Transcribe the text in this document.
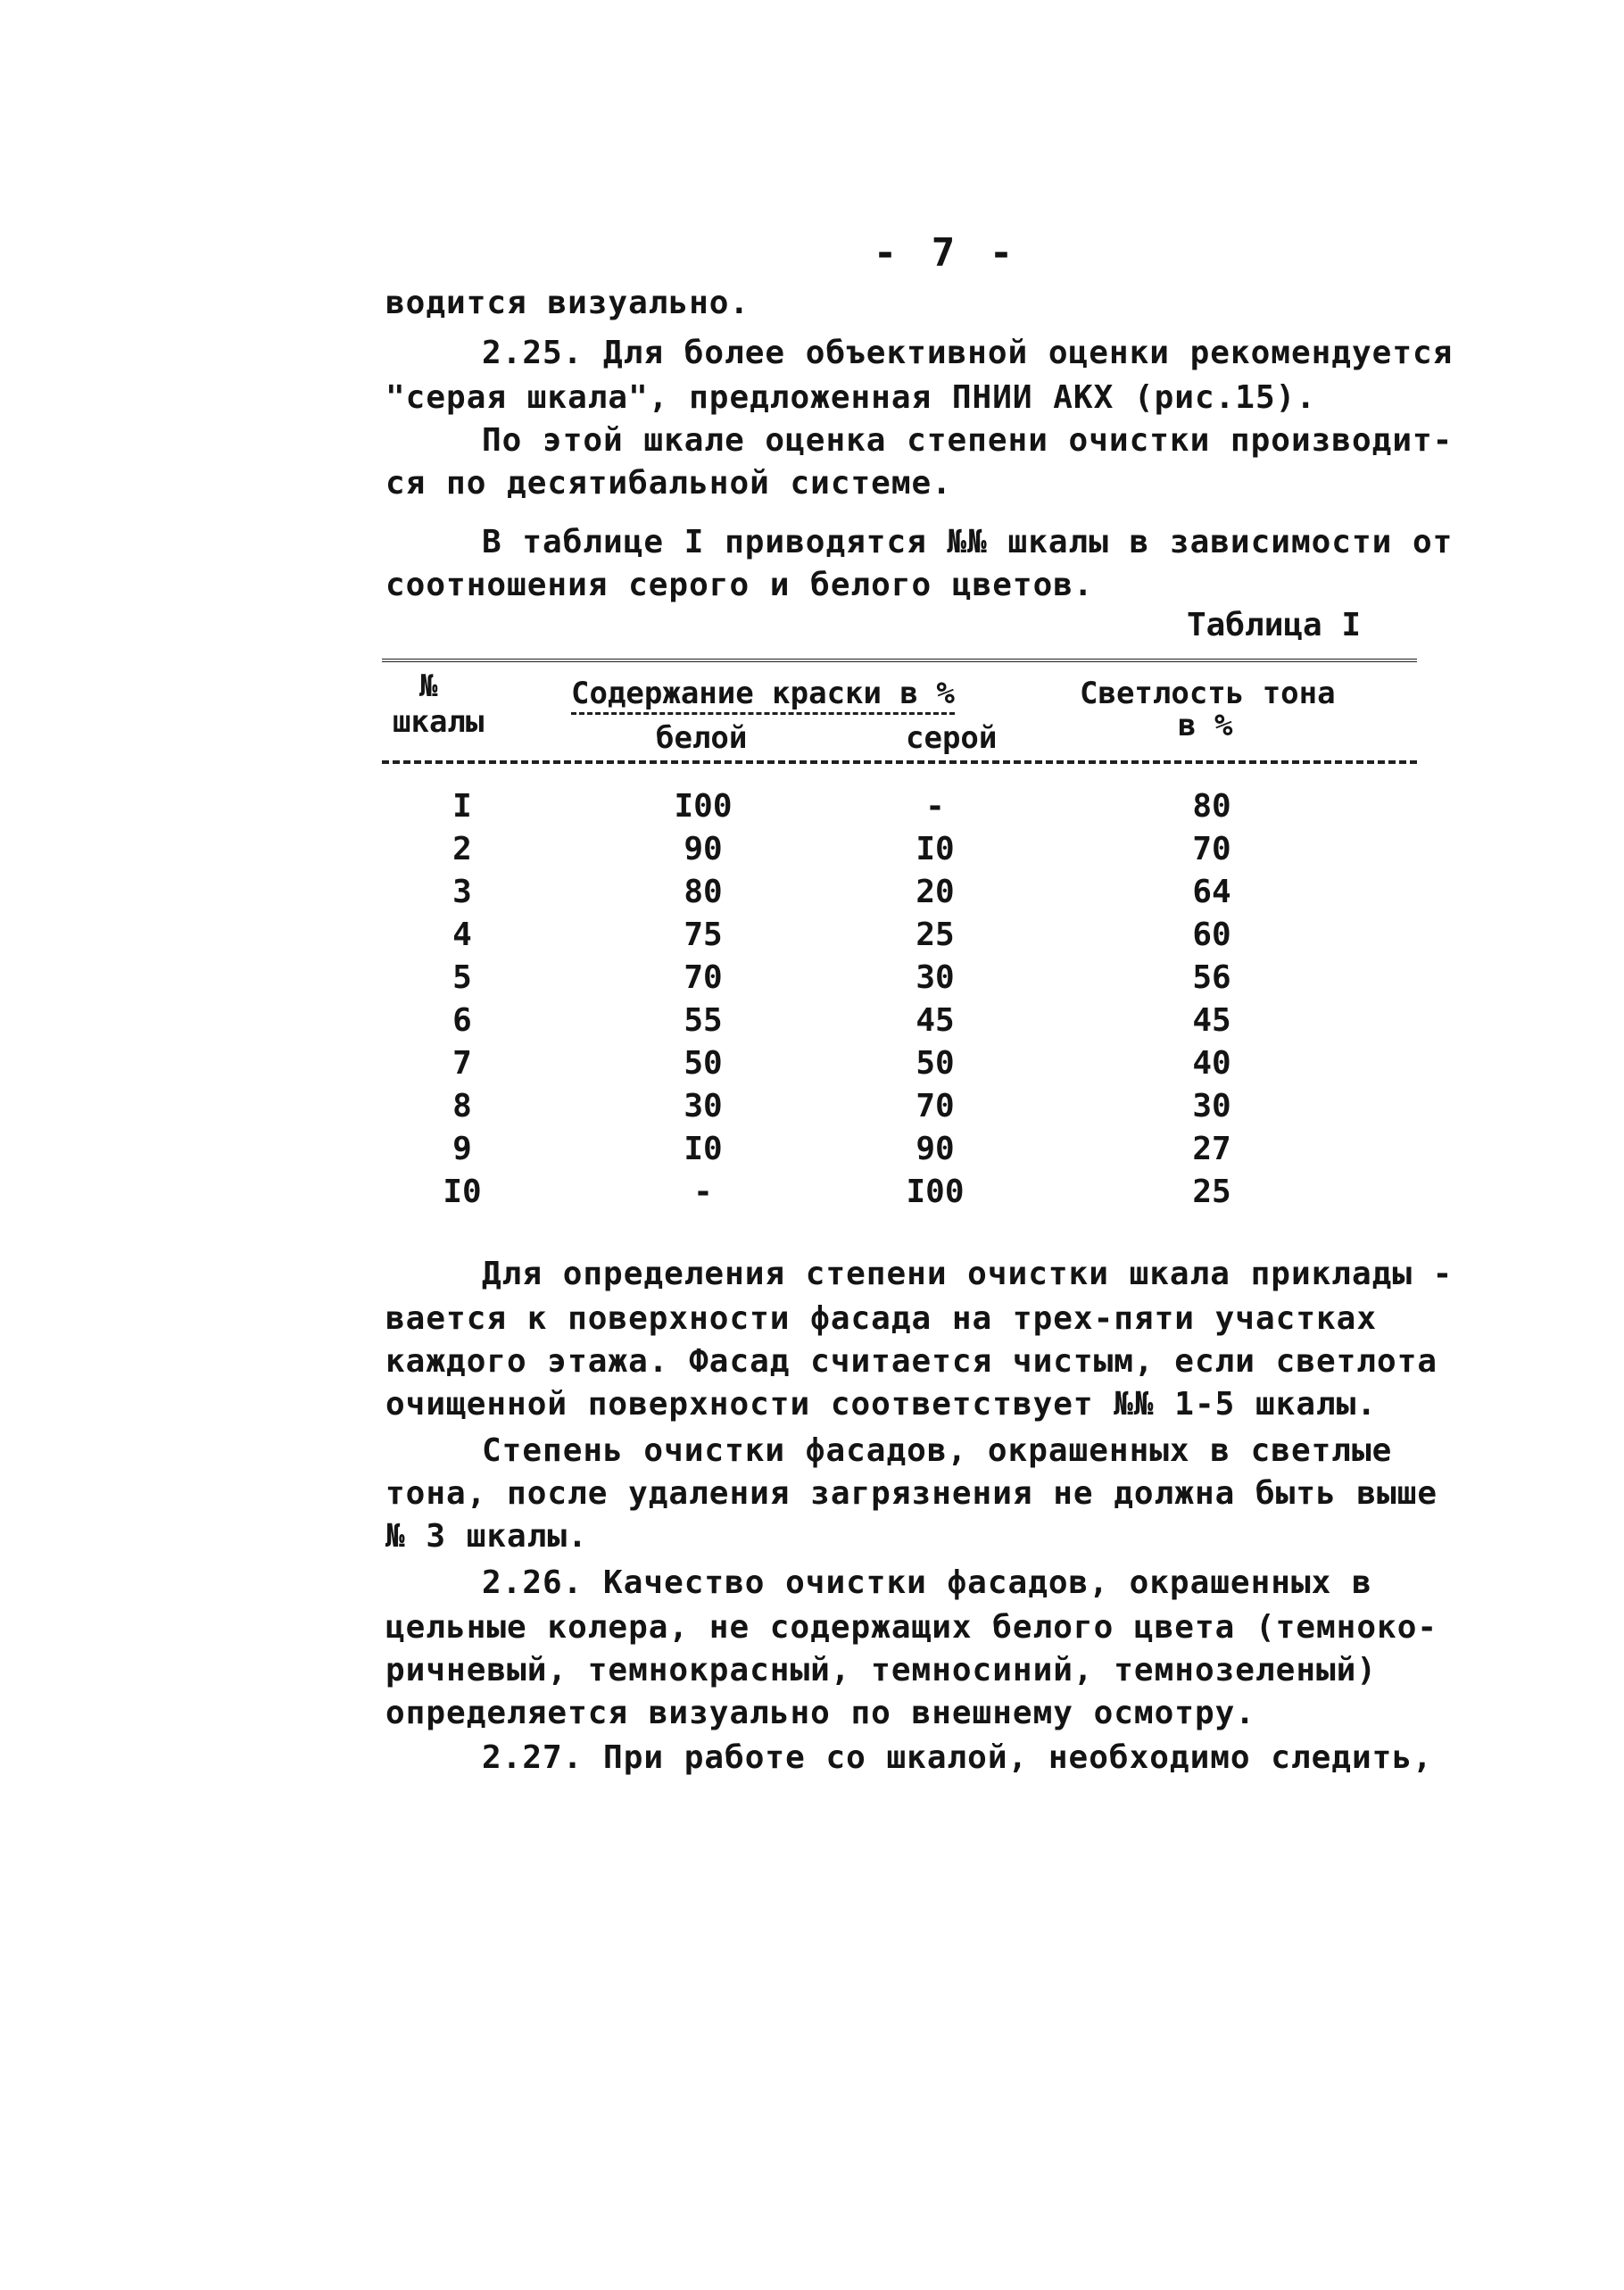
- 7 -
водится визуально.
2.25. Для более объективной оценки рекомендуется
"серая шкала", предложенная ПНИИ АКХ (рис.15).
По этой шкале оценка степени очистки производит-
ся по десятибальной системе.
В таблице I приводятся №№ шкалы в зависимости от
соотношения серого и белого цветов.
Таблица I
№
шкалы
Содержание краски в %
белой	серой
Светлость тона
в %
I	I00	-	80
2	90	I0	70
3	80	20	64
4	75	25	60
5	70	30	56
6	55	45	45
7	50	50	40
8	30	70	30
9	I0	90	27
I0	-	I00	25
Для определения степени очистки шкала приклады -
вается к поверхности фасада на трех-пяти участках
каждого этажа. Фасад считается чистым, если светлота
очищенной поверхности соответствует №№ 1-5 шкалы.
Степень очистки фасадов, окрашенных в светлые
тона, после удаления загрязнения не должна быть выше
№ 3 шкалы.
2.26. Качество очистки фасадов, окрашенных в
цельные колера, не содержащих белого цвета (темноко-
ричневый, темнокрасный, темносиний, темнозеленый)
определяется визуально по внешнему осмотру.
2.27. При работе со шкалой, необходимо следить,
